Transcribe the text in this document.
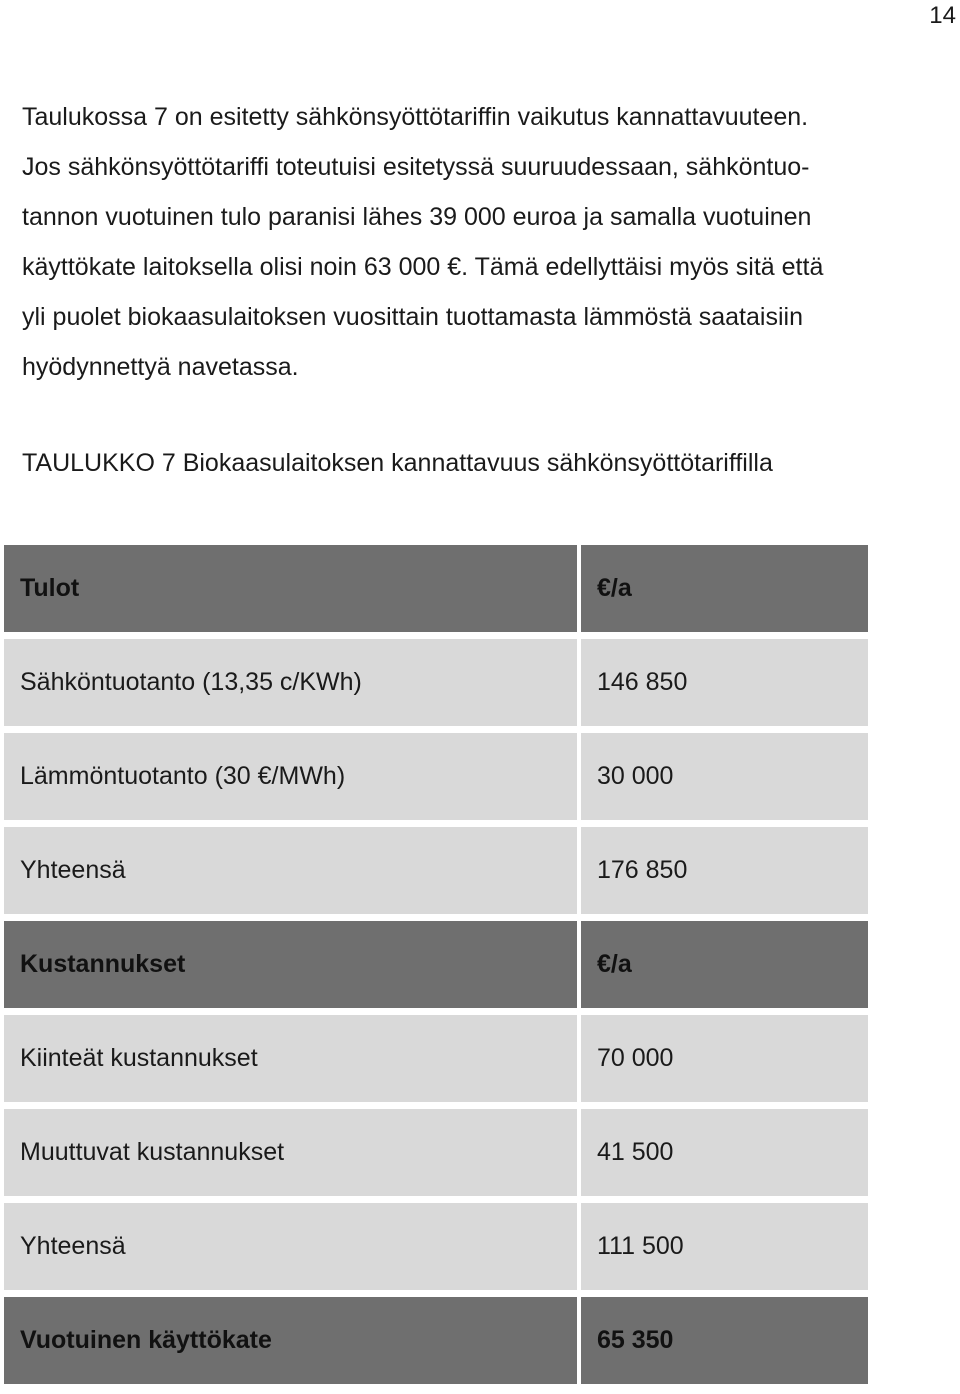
14

Taulukossa 7 on esitetty sähkönsyöttötariffin vaikutus kannattavuuteen.
Jos sähkönsyöttötariffi toteutuisi esitetyssä suuruudessaan, sähköntuo-
tannon vuotuinen tulo paranisi lähes 39 000 euroa ja samalla vuotuinen
käyttökate laitoksella olisi noin 63 000 €. Tämä edellyttäisi myös sitä että
yli puolet biokaasulaitoksen vuosittain tuottamasta lämmöstä saataisiin
hyödynnettyä navetassa.

TAULUKKO 7 Biokaasulaitoksen kannattavuus sähkönsyöttötariffilla

Tulot	€/a
Sähköntuotanto (13,35 c/KWh)	146 850
Lämmöntuotanto (30 €/MWh)	30 000
Yhteensä	176 850
Kustannukset	€/a
Kiinteät kustannukset	70 000
Muuttuvat kustannukset	41 500
Yhteensä	111 500
Vuotuinen käyttökate	65 350
